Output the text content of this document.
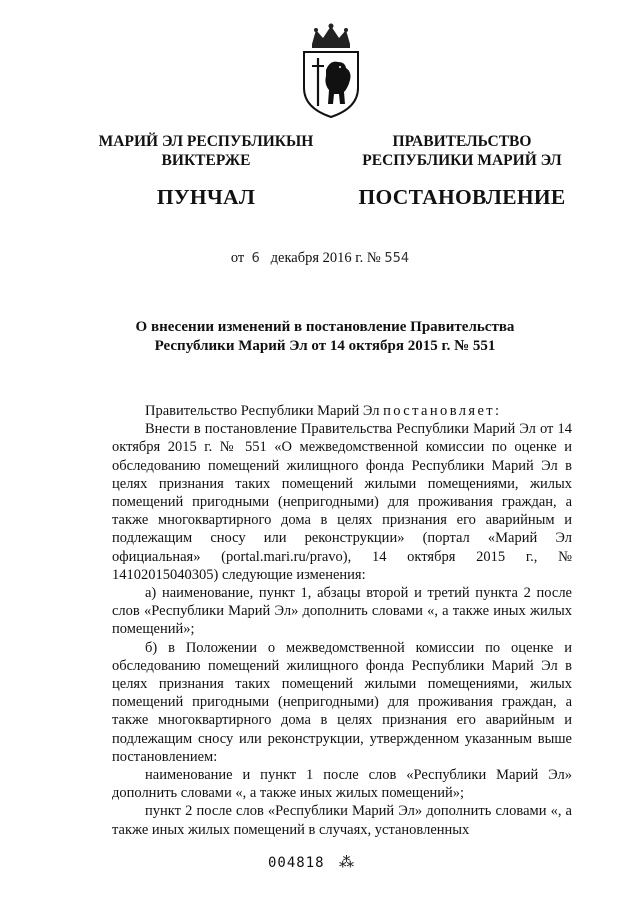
МАРИЙ ЭЛ РЕСПУБЛИКЫН
ВИКТЕРЖЕ
ПУНЧАЛ
ПРАВИТЕЛЬСТВО
РЕСПУБЛИКИ МАРИЙ ЭЛ
ПОСТАНОВЛЕНИЕ
от 6 декабря 2016 г. № 554
О внесении изменений в постановление Правительства
Республики Марий Эл от 14 октября 2015 г. № 551

Правительство Республики Марий Эл постановляет:

Внести в постановление Правительства Республики Марий Эл от 14 октября 2015 г. № 551 «О межведомственной комиссии по оценке и обследованию помещений жилищного фонда Республики Марий Эл в целях признания таких помещений жилыми помещениями, жилых помещений пригодными (непригодными) для проживания граждан, а также многоквартирного дома в целях признания его аварийным и подлежащим сносу или реконструкции» (портал «Марий Эл официальная» (portal.mari.ru/pravo), 14 октября 2015 г., № 14102015040305) следующие изменения:

а) наименование, пункт 1, абзацы второй и третий пункта 2 после слов «Республики Марий Эл» дополнить словами «, а также иных жилых помещений»;

б) в Положении о межведомственной комиссии по оценке и обследованию помещений жилищного фонда Республики Марий Эл в целях признания таких помещений жилыми помещениями, жилых помещений пригодными (непригодными) для проживания граждан, а также многоквартирного дома в целях признания его аварийным и подлежащим сносу или реконструкции, утвержденном указанным выше постановлением:

наименование и пункт 1 после слов «Республики Марий Эл» дополнить словами «, а также иных жилых помещений»;

пункт 2 после слов «Республики Марий Эл» дополнить словами «, а также иных жилых помещений в случаях, установленных

004818 ⁂
